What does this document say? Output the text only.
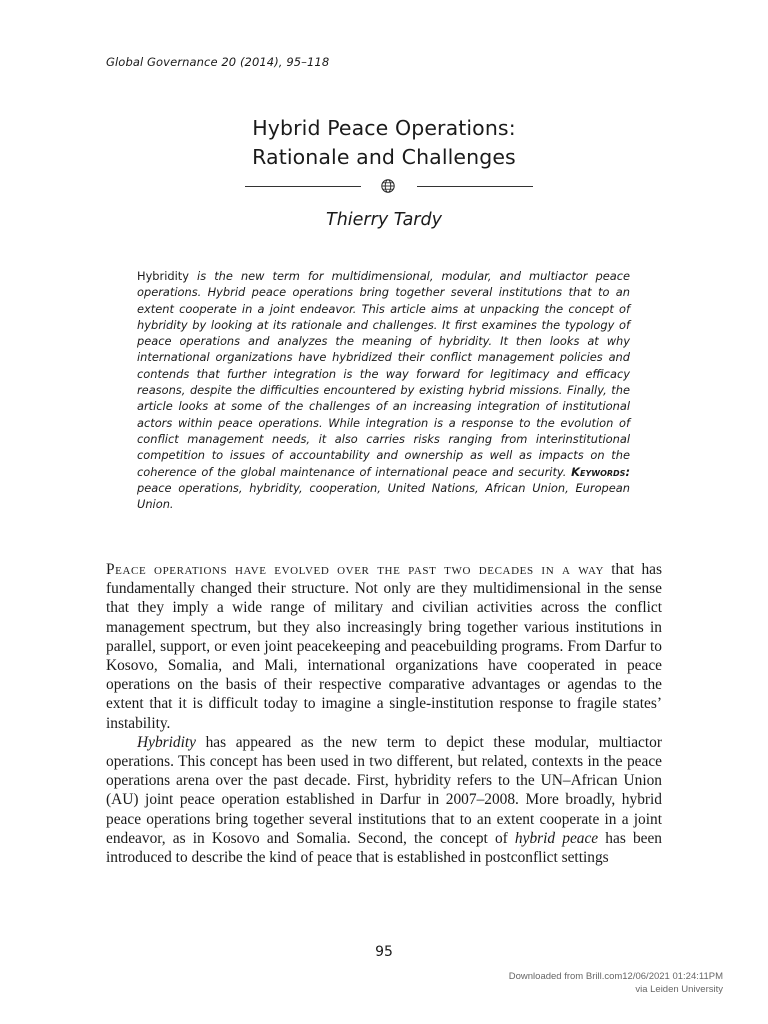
Global Governance 20 (2014), 95–118
Hybrid Peace Operations:
Rationale and Challenges
Thierry Tardy

Hybridity is the new term for multidimensional, modular, and multiactor peace operations. Hybrid peace operations bring together several institutions that to an extent cooperate in a joint endeavor. This article aims at unpacking the concept of hybridity by looking at its rationale and challenges. It first examines the typology of peace operations and analyzes the meaning of hybridity. It then looks at why international organizations have hybridized their conflict management policies and contends that further integration is the way forward for legitimacy and efficacy reasons, despite the difficulties encountered by existing hybrid missions. Finally, the article looks at some of the challenges of an increasing integration of institutional actors within peace operations. While integration is a response to the evolution of conflict management needs, it also carries risks ranging from interinstitutional competition to issues of accountability and ownership as well as impacts on the coherence of the global maintenance of international peace and security. Keywords: peace operations, hybridity, cooperation, United Nations, African Union, European Union.

Peace operations have evolved over the past two decades in a way that has fundamentally changed their structure. Not only are they multidimensional in the sense that they imply a wide range of military and civilian activities across the conflict management spectrum, but they also increasingly bring together various institutions in parallel, support, or even joint peacekeeping and peacebuilding programs. From Darfur to Kosovo, Somalia, and Mali, international organizations have cooperated in peace operations on the basis of their respective comparative advantages or agendas to the extent that it is difficult today to imagine a single-institution response to fragile states’ instability.

Hybridity has appeared as the new term to depict these modular, multiactor operations. This concept has been used in two different, but related, contexts in the peace operations arena over the past decade. First, hybridity refers to the UN–African Union (AU) joint peace operation established in Darfur in 2007–2008. More broadly, hybrid peace operations bring together several institutions that to an extent cooperate in a joint endeavor, as in Kosovo and Somalia. Second, the concept of hybrid peace has been introduced to describe the kind of peace that is established in postconflict settings

95
Downloaded from Brill.com12/06/2021 01:24:11PM
via Leiden University
